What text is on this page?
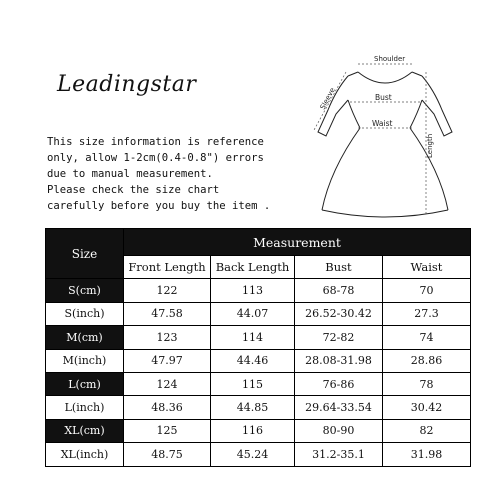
Leadingstar
This size information is reference
only, allow 1-2cm(0.4-0.8") errors
due to manual measurement.
Please check the size chart
carefully before you buy the item .
Shoulder
Bust
Waist
Sleeve
Length
Size	Measurement			
	Front Length	Back Length	Bust	Waist
S(cm)	122	113	68-78	70
S(inch)	47.58	44.07	26.52-30.42	27.3
M(cm)	123	114	72-82	74
M(inch)	47.97	44.46	28.08-31.98	28.86
L(cm)	124	115	76-86	78
L(inch)	48.36	44.85	29.64-33.54	30.42
XL(cm)	125	116	80-90	82
XL(inch)	48.75	45.24	31.2-35.1	31.98
